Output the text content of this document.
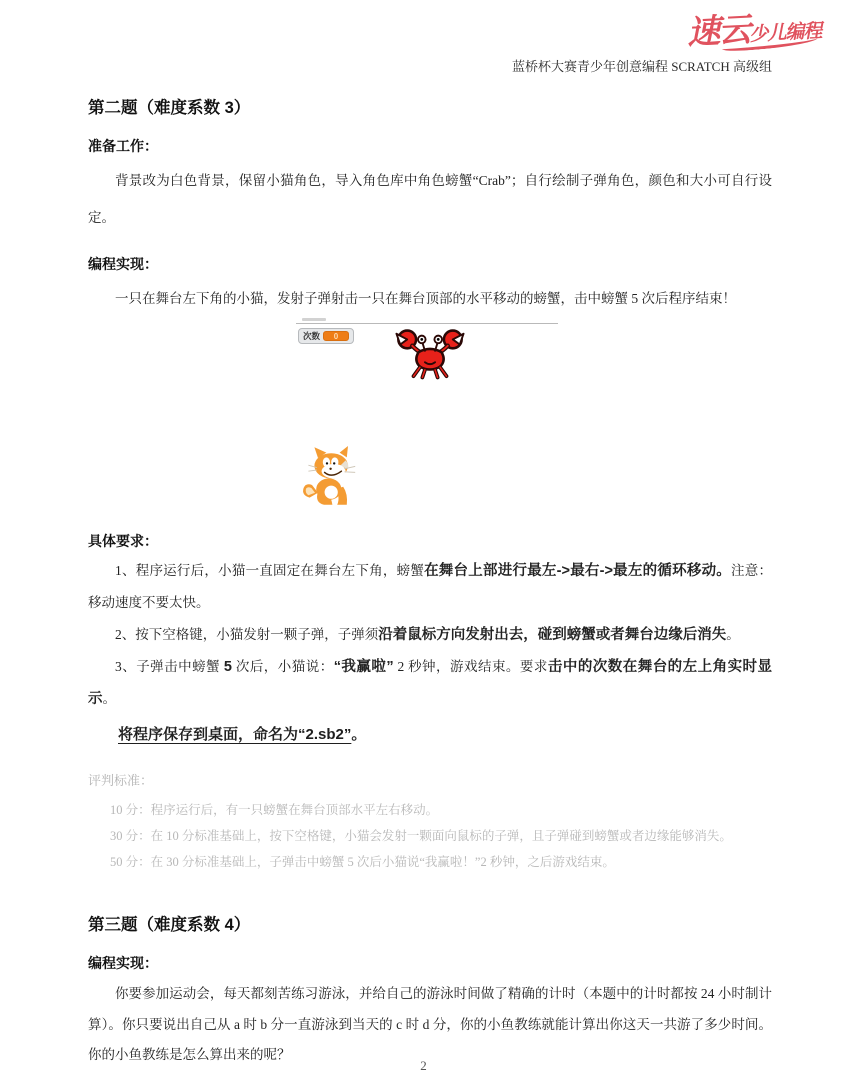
速云少儿编程
蓝桥杯大赛青少年创意编程 SCRATCH 高级组
第二题（难度系数 3）
准备工作：
背景改为白色背景，保留小猫角色，导入角色库中角色螃蟹“Crab”；自行绘制子弹角色，颜色和大小可自行设定。
编程实现：
一只在舞台左下角的小猫，发射子弹射击一只在舞台顶部的水平移动的螃蟹，击中螃蟹 5 次后程序结束！
次数	0
具体要求：
1、程序运行后，小猫一直固定在舞台左下角，螃蟹在舞台上部进行最左->最右->最左的循环移动。注意：移动速度不要太快。
2、按下空格键，小猫发射一颗子弹，子弹须沿着鼠标方向发射出去，碰到螃蟹或者舞台边缘后消失。
3、子弹击中螃蟹 5 次后，小猫说：“我赢啦” 2 秒钟，游戏结束。要求击中的次数在舞台的左上角实时显示。
将程序保存到桌面，命名为“2.sb2”。
评判标准：
10 分：程序运行后，有一只螃蟹在舞台顶部水平左右移动。
30 分：在 10 分标准基础上，按下空格键，小猫会发射一颗面向鼠标的子弹，且子弹碰到螃蟹或者边缘能够消失。
50 分：在 30 分标准基础上，子弹击中螃蟹 5 次后小猫说“我赢啦！”2 秒钟，之后游戏结束。
第三题（难度系数 4）
编程实现：
你要参加运动会，每天都刻苦练习游泳，并给自己的游泳时间做了精确的计时（本题中的计时都按 24 小时制计算）。你只要说出自己从 a 时 b 分一直游泳到当天的 c 时 d 分，你的小鱼教练就能计算出你这天一共游了多少时间。你的小鱼教练是怎么算出来的呢？
2
